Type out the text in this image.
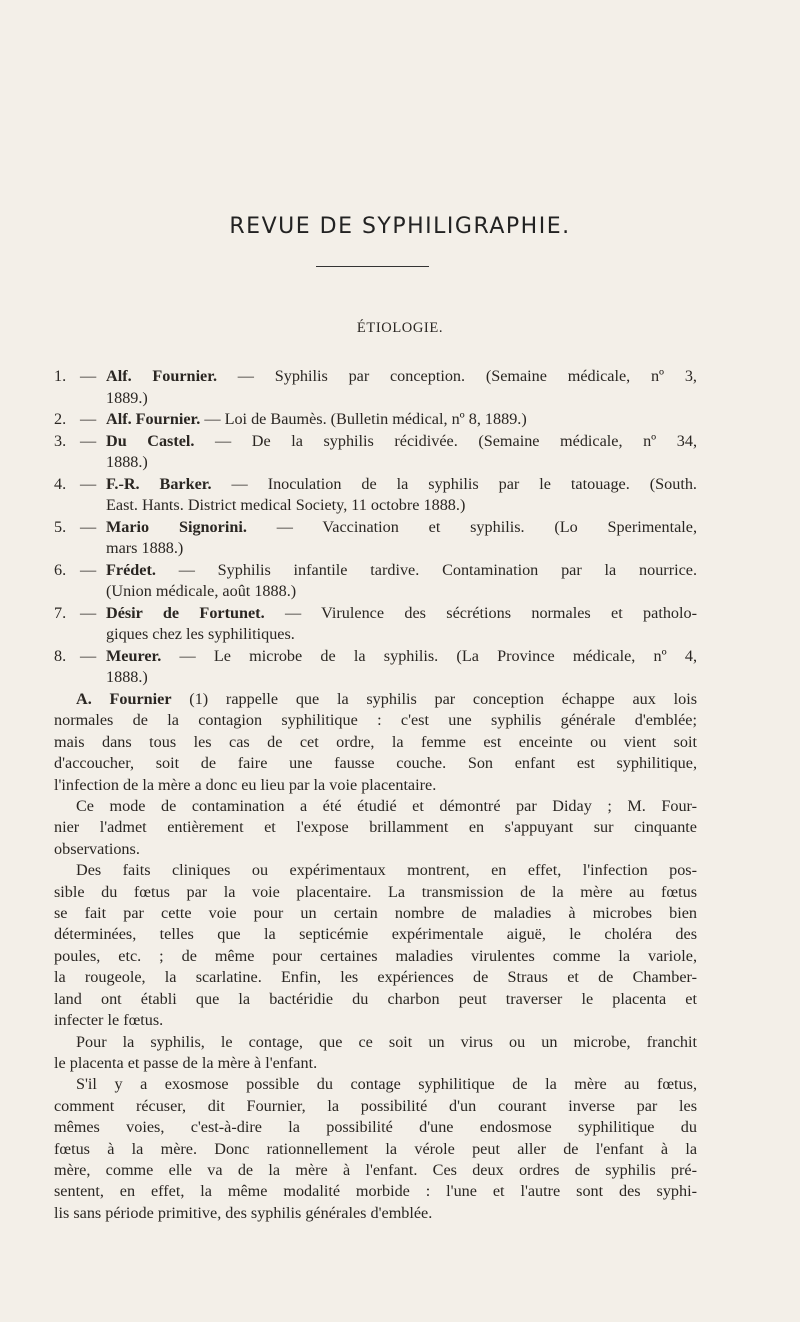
REVUE DE SYPHILIGRAPHIE.
ÉTIOLOGIE.
1. — Alf. Fournier. — Syphilis par conception. (Semaine médicale, nº 3,
1889.)
2. — Alf. Fournier. — Loi de Baumès. (Bulletin médical, nº 8, 1889.)
3. — Du Castel. — De la syphilis récidivée. (Semaine médicale, nº 34,
1888.)
4. — F.-R. Barker. — Inoculation de la syphilis par le tatouage. (South.
East. Hants. District medical Society, 11 octobre 1888.)
5. — Mario Signorini. — Vaccination et syphilis. (Lo Sperimentale,
mars 1888.)
6. — Frédet. — Syphilis infantile tardive. Contamination par la nourrice.
(Union médicale, août 1888.)
7. — Désir de Fortunet. — Virulence des sécrétions normales et patholo-
giques chez les syphilitiques.
8. — Meurer. — Le microbe de la syphilis. (La Province médicale, nº 4,
1888.)
A. Fournier (1) rappelle que la syphilis par conception échappe aux lois
normales de la contagion syphilitique : c'est une syphilis générale d'emblée;
mais dans tous les cas de cet ordre, la femme est enceinte ou vient soit
d'accoucher, soit de faire une fausse couche. Son enfant est syphilitique,
l'infection de la mère a donc eu lieu par la voie placentaire.
Ce mode de contamination a été étudié et démontré par Diday ; M. Four-
nier l'admet entièrement et l'expose brillamment en s'appuyant sur cinquante
observations.
Des faits cliniques ou expérimentaux montrent, en effet, l'infection pos-
sible du fœtus par la voie placentaire. La transmission de la mère au fœtus
se fait par cette voie pour un certain nombre de maladies à microbes bien
déterminées, telles que la septicémie expérimentale aiguë, le choléra des
poules, etc. ; de même pour certaines maladies virulentes comme la variole,
la rougeole, la scarlatine. Enfin, les expériences de Straus et de Chamber-
land ont établi que la bactéridie du charbon peut traverser le placenta et
infecter le fœtus.
Pour la syphilis, le contage, que ce soit un virus ou un microbe, franchit
le placenta et passe de la mère à l'enfant.
S'il y a exosmose possible du contage syphilitique de la mère au fœtus,
comment récuser, dit Fournier, la possibilité d'un courant inverse par les
mêmes voies, c'est-à-dire la possibilité d'une endosmose syphilitique du
fœtus à la mère. Donc rationnellement la vérole peut aller de l'enfant à la
mère, comme elle va de la mère à l'enfant. Ces deux ordres de syphilis pré-
sentent, en effet, la même modalité morbide : l'une et l'autre sont des syphi-
lis sans période primitive, des syphilis générales d'emblée.
